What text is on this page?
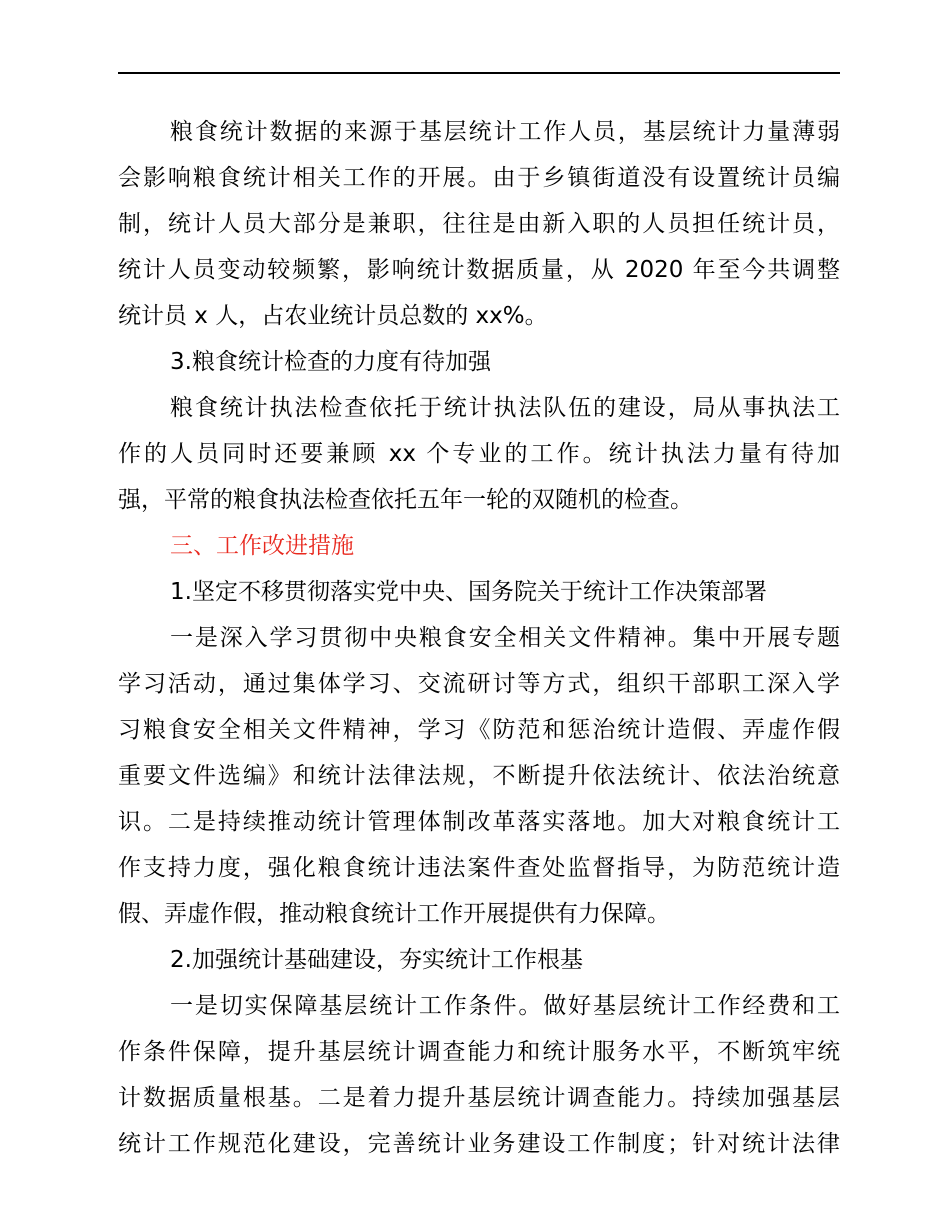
粮食统计数据的来源于基层统计工作人员，基层统计力量薄弱
会影响粮食统计相关工作的开展。由于乡镇街道没有设置统计员编
制，统计人员大部分是兼职，往往是由新入职的人员担任统计员，
统计人员变动较频繁，影响统计数据质量，从 2020 年至今共调整
统计员 x 人，占农业统计员总数的 xx%。
3.粮食统计检查的力度有待加强
粮食统计执法检查依托于统计执法队伍的建设，局从事执法工
作的人员同时还要兼顾 xx 个专业的工作。统计执法力量有待加
强，平常的粮食执法检查依托五年一轮的双随机的检查。
三、工作改进措施
1.坚定不移贯彻落实党中央、国务院关于统计工作决策部署
一是深入学习贯彻中央粮食安全相关文件精神。集中开展专题
学习活动，通过集体学习、交流研讨等方式，组织干部职工深入学
习粮食安全相关文件精神，学习《防范和惩治统计造假、弄虚作假
重要文件选编》和统计法律法规，不断提升依法统计、依法治统意
识。二是持续推动统计管理体制改革落实落地。加大对粮食统计工
作支持力度，强化粮食统计违法案件查处监督指导，为防范统计造
假、弄虚作假，推动粮食统计工作开展提供有力保障。
2.加强统计基础建设，夯实统计工作根基
一是切实保障基层统计工作条件。做好基层统计工作经费和工
作条件保障，提升基层统计调查能力和统计服务水平，不断筑牢统
计数据质量根基。二是着力提升基层统计调查能力。持续加强基层
统计工作规范化建设，完善统计业务建设工作制度；针对统计法律
